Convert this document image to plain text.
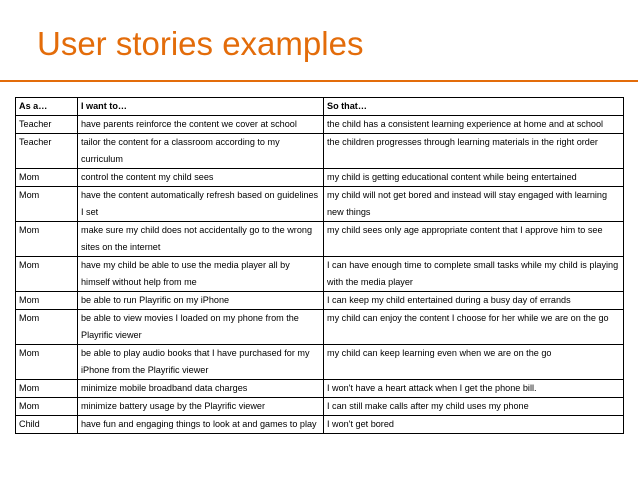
User stories examples
As a…	I want to…	So that…
Teacher	have parents reinforce the content we cover at school	the child has a consistent learning experience at home and at school
Teacher	tailor the content for a classroom according to my curriculum	the children progresses through learning materials in the right order
Mom	control the content my child sees	my child is getting educational content while being entertained
Mom	have the content automatically refresh based on guidelines I set	my child will not get bored and instead will stay engaged with learning new things
Mom	make sure my child does not accidentally go to the wrong sites on the internet	my child sees only age appropriate content that I approve him to see
Mom	have my child be able to use the media player all by himself without help from me	I can have enough time to complete small tasks while my child is playing with the media player
Mom	be able to run Playrific on my iPhone	I can keep my child entertained during a busy day of errands
Mom	be able to view movies I loaded on my phone from the Playrific viewer	my child can enjoy the content I choose for her while we are on the go
Mom	be able to play audio books that I have purchased for my iPhone from the Playrific viewer	my child can keep learning even when we are on the go
Mom	minimize mobile broadband data charges	I won't have a heart attack when I get the phone bill.
Mom	minimize battery usage by the Playrific viewer	I can still make calls after my child uses my phone
Child	have fun and engaging things to look at and games to play	I won't get bored
